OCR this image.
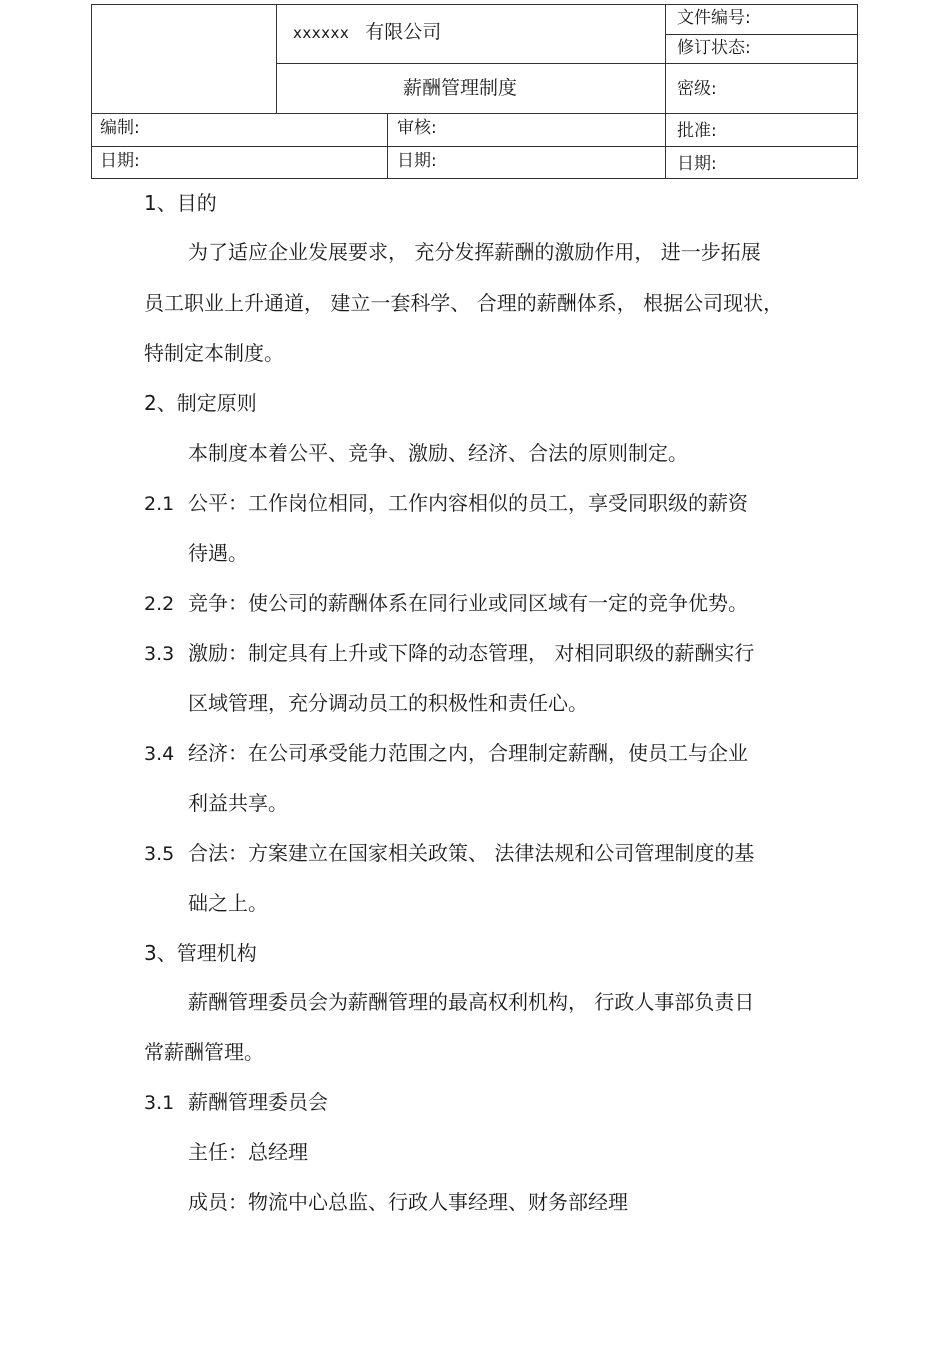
xxxxxx 有限公司
薪酬管理制度
文件编号:
修订状态:
密级:
编制:	审核:	批准:
日期:	日期:	日期:
1、目的
为了适应企业发展要求， 充分发挥薪酬的激励作用， 进一步拓展
员工职业上升通道， 建立一套科学、 合理的薪酬体系， 根据公司现状，
特制定本制度。
2、制定原则
本制度本着公平、竞争、激励、经济、合法的原则制定。
2.1 公平：工作岗位相同，工作内容相似的员工，享受同职级的薪资
待遇。
2.2 竞争：使公司的薪酬体系在同行业或同区域有一定的竞争优势。
3.3 激励：制定具有上升或下降的动态管理， 对相同职级的薪酬实行
区域管理，充分调动员工的积极性和责任心。
3.4 经济：在公司承受能力范围之内，合理制定薪酬，使员工与企业
利益共享。
3.5 合法：方案建立在国家相关政策、 法律法规和公司管理制度的基
础之上。
3、管理机构
薪酬管理委员会为薪酬管理的最高权利机构， 行政人事部负责日
常薪酬管理。
3.1 薪酬管理委员会
主任：总经理
成员：物流中心总监、行政人事经理、财务部经理
